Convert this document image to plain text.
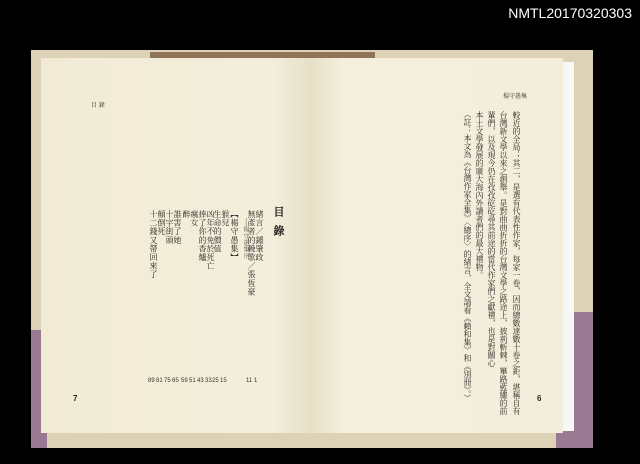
NMTL20170320303
目 錄
目錄
緒言／鍾肇政
1
無產者的輓歌／張恆豪
11
──楊守愚集序
【楊守愚集】
猴兒
15
生命的價值
25
凶年不免於死亡
33
捧了你的香爐
43
瘋女
51
醉
59
誰害了她
65
十字街頭
75
顛倒死
81
十二錢又帶回來了
89
7
楊守愚集
較近的全局；其二，是選有代表性作家，每家一卷，因而總數達數十卷之鉅，堪稱自有
台灣新文學以來之創舉。是對曲曲折折的台灣文學之路途上，披荊斬棘，篳路藍縷的前
輩們，以及現今仍在孜孜矻矻尋其前途的當代作家們之獻禮，也是對關心
本土文學發展的廣大海內外讀者們的最大禮物。
（註：本文為《台灣作家全集》〈總序〉的緒言，全文請看《賴和集》和《別冊》。）	6
